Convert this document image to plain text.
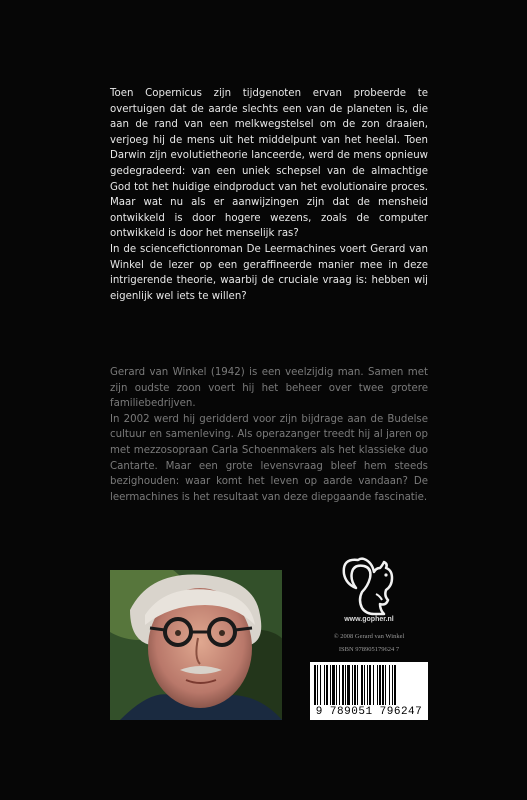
Toen Copernicus zijn tijdgenoten ervan probeerde te overtuigen dat de aarde slechts een van de planeten is, die aan de rand van een melkwegstelsel om de zon draaien, verjoeg hij de mens uit het middelpunt van het heelal. Toen Darwin zijn evolutietheorie lanceerde, werd de mens opnieuw gedegradeerd: van een uniek schepsel van de almachtige God tot het huidige eindproduct van het evolutionaire proces. Maar wat nu als er aanwijzingen zijn dat de mensheid ontwikkeld is door hogere wezens, zoals de computer ontwikkeld is door het menselijk ras?

In de sciencefictionroman De Leermachines voert Gerard van Winkel de lezer op een geraffineerde manier mee in deze intrigerende theorie, waarbij de cruciale vraag is: hebben wij eigenlijk wel iets te willen?

Gerard van Winkel (1942) is een veelzijdig man. Samen met zijn oudste zoon voert hij het beheer over twee grotere familiebedrijven.

In 2002 werd hij geridderd voor zijn bijdrage aan de Budelse cultuur en samenleving. Als operazanger treedt hij al jaren op met mezzosopraan Carla Schoenmakers als het klassieke duo Cantarte. Maar een grote levensvraag bleef hem steeds bezighouden: waar komt het leven op aarde vandaan? De leermachines is het resultaat van deze diepgaande fascinatie.

www.gopher.nl
© 2008 Gerard van Winkel
ISBN 978905179624 7
9 789051 796247
